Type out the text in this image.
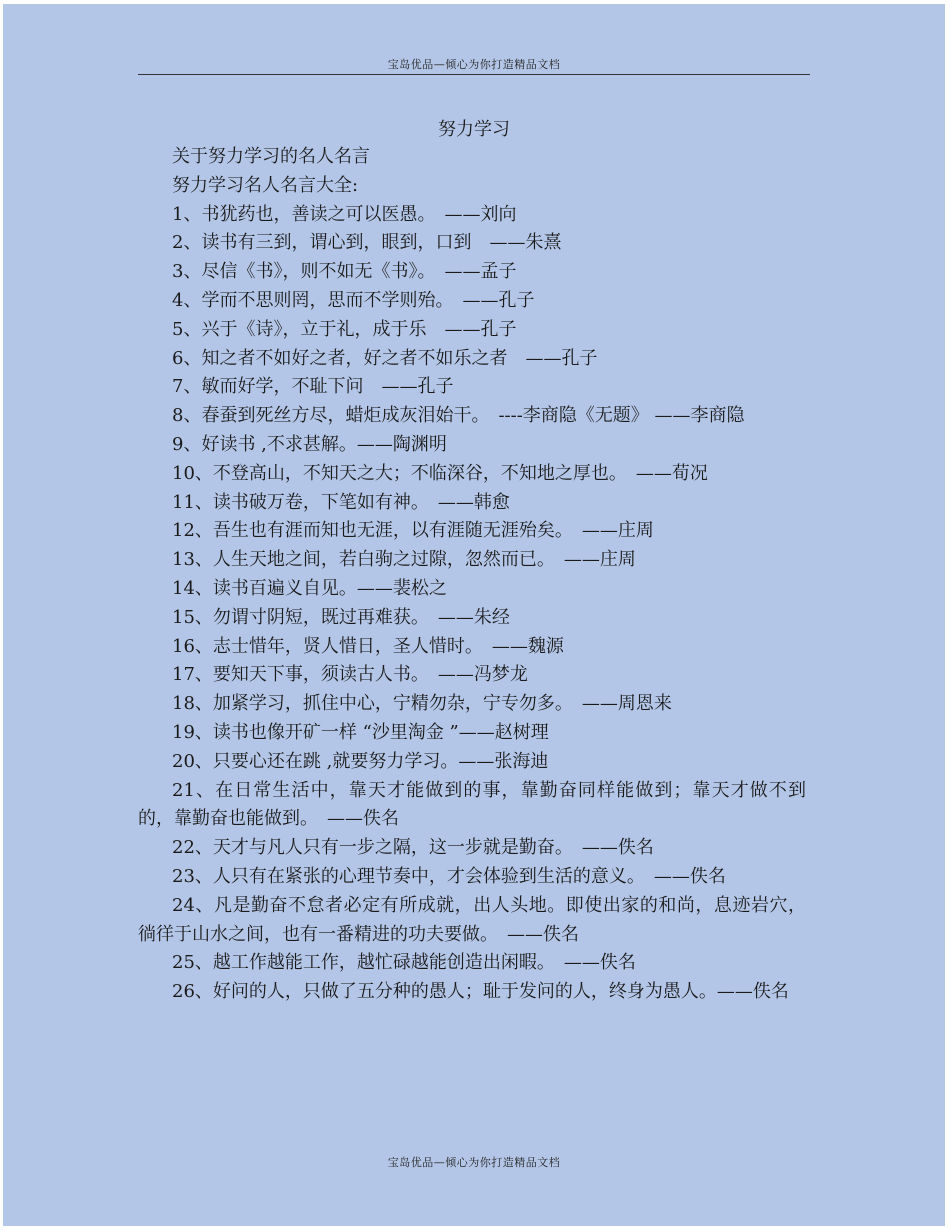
宝岛优品—倾心为你打造精品文档
努力学习

关于努力学习的名人名言

努力学习名人名言大全:

1、书犹药也，善读之可以医愚。　——刘向

2、读书有三到，谓心到，眼到，口到　——朱熹

3、尽信《书》，则不如无《书》。　——孟子

4、学而不思则罔，思而不学则殆。　——孔子

5、兴于《诗》，立于礼，成于乐　——孔子

6、知之者不如好之者，好之者不如乐之者　——孔子

7、敏而好学，不耻下问　——孔子

8、春蚕到死丝方尽，蜡炬成灰泪始干。　----李商隐《无题》 ——李商隐

9、好读书 ,不求甚解。——陶渊明

10、不登高山，不知天之大；不临深谷，不知地之厚也。　——荀况

11、读书破万卷，下笔如有神。　——韩愈

12、吾生也有涯而知也无涯，以有涯随无涯殆矣。　——庄周

13、人生天地之间，若白驹之过隙，忽然而已。　——庄周

14、读书百遍义自见。——裴松之

15、勿谓寸阴短，既过再难获。　——朱经

16、志士惜年，贤人惜日，圣人惜时。　——魏源

17、要知天下事，须读古人书。　——冯梦龙

18、加紧学习，抓住中心，宁精勿杂，宁专勿多。　——周恩来

19、读书也像开矿一样 “沙里淘金 ”——赵树理

20、只要心还在跳 ,就要努力学习。——张海迪

21、在日常生活中，靠天才能做到的事，靠勤奋同样能做到；靠天才做不到的，靠勤奋也能做到。　——佚名

22、天才与凡人只有一步之隔，这一步就是勤奋。　——佚名

23、人只有在紧张的心理节奏中，才会体验到生活的意义。　——佚名

24、凡是勤奋不怠者必定有所成就，出人头地。即使出家的和尚，息迹岩穴，徜徉于山水之间，也有一番精进的功夫要做。　——佚名

25、越工作越能工作，越忙碌越能创造出闲暇。　——佚名

26、好问的人，只做了五分种的愚人；耻于发问的人，终身为愚人。——佚名

宝岛优品—倾心为你打造精品文档
